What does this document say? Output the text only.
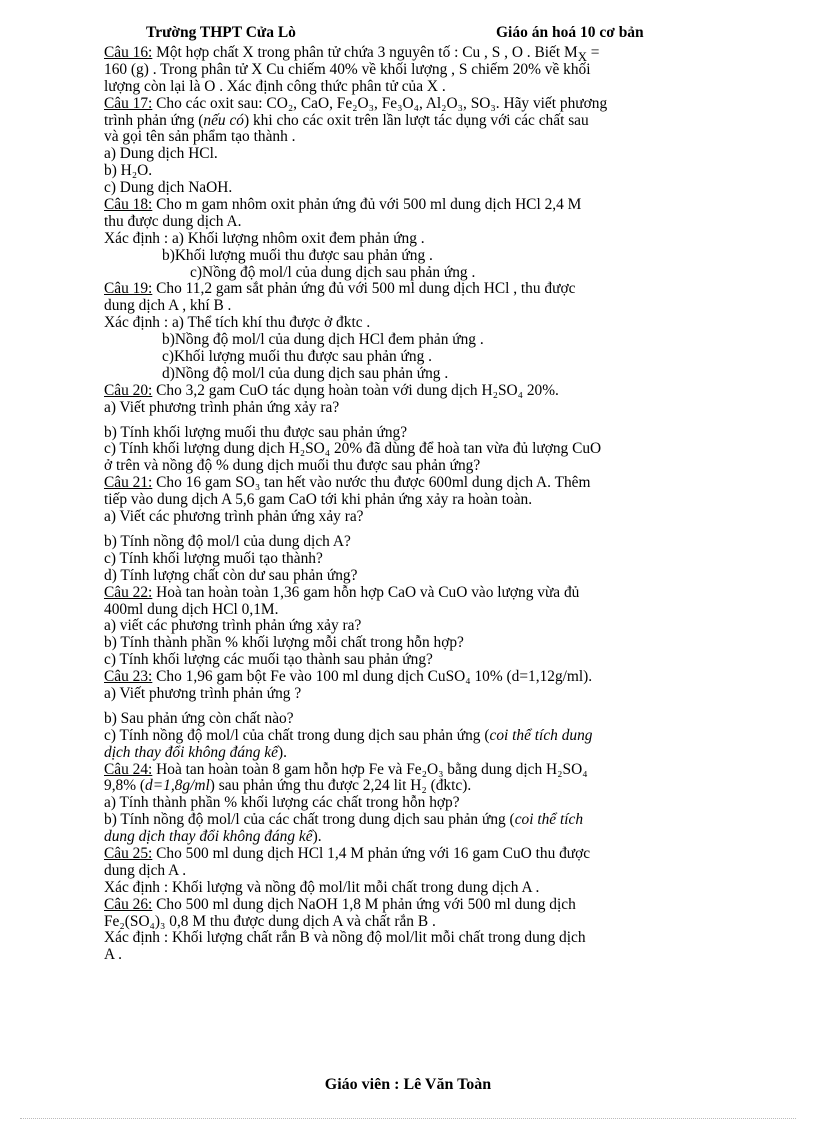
Trường THPT Cửa Lò	Giáo án hoá 10 cơ bản
Câu 16: Một hợp chất X trong phân tử chứa 3 nguyên tố : Cu , S , O . Biết $M_X$ =
160 (g) . Trong phân tử X Cu chiếm 40% về khối lượng , S chiếm 20% về khối
lượng còn lại là O . Xác định công thức phân tử của X .
Câu 17: Cho các oxit sau: CO₂, CaO, Fe₂O₃, Fe₃O₄, Al₂O₃, SO₃. Hãy viết phương
trình phản ứng (nếu có) khi cho các oxit trên lần lượt tác dụng với các chất sau
và gọi tên sản phẩm tạo thành .
a) Dung dịch HCl.
b) H₂O.
c) Dung dịch NaOH.
Câu 18: Cho m gam nhôm oxit phản ứng đủ với 500 ml dung dịch HCl 2,4 M
thu được dung dịch A.
Xác định : a) Khối lượng nhôm oxit đem phản ứng .
b)Khối lượng muối thu được sau phản ứng .
c)Nồng độ mol/l của dung dịch sau phản ứng .
Câu 19: Cho 11,2 gam sắt phản ứng đủ với 500 ml dung dịch HCl , thu được
dung dịch A , khí B .
Xác định : a) Thể tích khí thu được ở đktc .
b)Nồng độ mol/l của dung dịch HCl đem phản ứng .
c)Khối lượng muối thu được sau phản ứng .
d)Nồng độ mol/l của dung dịch sau phản ứng .
Câu 20: Cho 3,2 gam CuO tác dụng hoàn toàn với dung dịch H₂SO₄ 20%.
a) Viết phương trình phản ứng xảy ra?
b) Tính khối lượng muối thu được sau phản ứng?
c) Tính khối lượng dung dịch H₂SO₄ 20% đã dùng để hoà tan vừa đủ lượng CuO
ở trên và nồng độ % dung dịch muối thu được sau phản ứng?
Câu 21: Cho 16 gam SO₃ tan hết vào nước thu được 600ml dung dịch A. Thêm
tiếp vào dung dịch A 5,6 gam CaO tới khi phản ứng xảy ra hoàn toàn.
a) Viết các phương trình phản ứng xảy ra?
b) Tính nồng độ mol/l của dung dịch A?
c) Tính khối lượng muối tạo thành?
d) Tính lượng chất còn dư sau phản ứng?
Câu 22: Hoà tan hoàn toàn 1,36 gam hỗn hợp CaO và CuO vào lượng vừa đủ
400ml dung dịch HCl 0,1M.
a) viết các phương trình phản ứng xảy ra?
b) Tính thành phần % khối lượng mỗi chất trong hỗn hợp?
c) Tính khối lượng các muối tạo thành sau phản ứng?
Câu 23: Cho 1,96 gam bột Fe vào 100 ml dung dịch CuSO₄ 10% (d=1,12g/ml).
a) Viết phương trình phản ứng ?
b) Sau phản ứng còn chất nào?
c) Tính nồng độ mol/l của chất trong dung dịch sau phản ứng (coi thể tích dung
dịch thay đổi không đáng kể).
Câu 24: Hoà tan hoàn toàn 8 gam hỗn hợp Fe và Fe₂O₃ bằng dung dịch H₂SO₄
9,8% (d=1,8g/ml) sau phản ứng thu được 2,24 lit H₂ (đktc).
a) Tính thành phần % khối lượng các chất trong hỗn hợp?
b) Tính nồng độ mol/l của các chất trong dung dịch sau phản ứng (coi thể tích
dung dịch thay đổi không đáng kể).
Câu 25: Cho 500 ml dung dịch HCl 1,4 M phản ứng với 16 gam CuO thu được
dung dịch A .
Xác định : Khối lượng và nồng độ mol/lit mỗi chất trong dung dịch A .
Câu 26: Cho 500 ml dung dịch NaOH 1,8 M phản ứng với 500 ml dung dịch
Fe₂(SO₄)₃ 0,8 M thu được dung dịch A và chất rắn B .
Xác định : Khối lượng chất rắn B và nồng độ mol/lit mỗi chất trong dung dịch
A .
Giáo viên : Lê Văn Toàn
